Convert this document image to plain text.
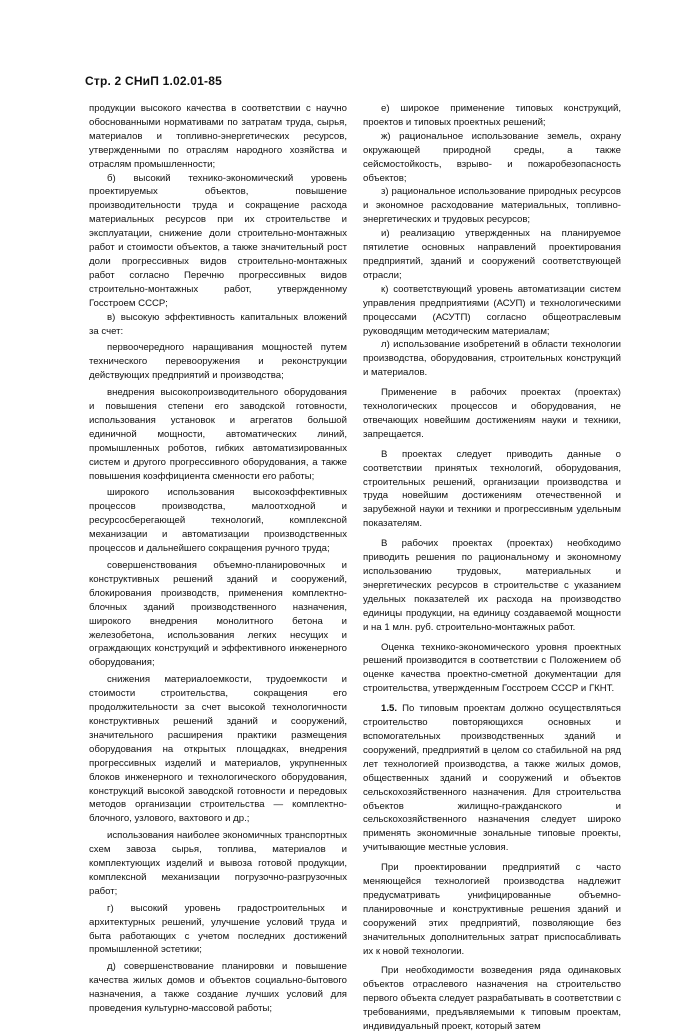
Стр. 2 СНиП 1.02.01-85

продукции высокого качества в соответствии с научно обоснованными нормативами по затратам труда, сырья, материалов и топливно-энергетических ресурсов, утвержденными по отраслям народного хозяйства и отраслям промышленности;

б) высокий технико-экономический уровень проектируемых объектов, повышение производительности труда и сокращение расхода материальных ресурсов при их строительстве и эксплуатации, снижение доли строительно-монтажных работ и стоимости объектов, а также значительный рост доли прогрессивных видов строительно-монтажных работ согласно Перечню прогрессивных видов строительно-монтажных работ, утвержденному Госстроем СССР;

в) высокую эффективность капитальных вложений за счет:

первоочередного наращивания мощностей путем технического перевооружения и реконструкции действующих предприятий и производства;

внедрения высокопроизводительного оборудования и повышения степени его заводской готовности, использования установок и агрегатов большой единичной мощности, автоматических линий, промышленных роботов, гибких автоматизированных систем и другого прогрессивного оборудования, а также повышения коэффициента сменности его работы;

широкого использования высокоэффективных процессов производства, малоотходной и ресурсосберегающей технологий, комплексной механизации и автоматизации производственных процессов и дальнейшего сокращения ручного труда;

совершенствования объемно-планировочных и конструктивных решений зданий и сооружений, блокирования производств, применения комплектно-блочных зданий производственного назначения, широкого внедрения монолитного бетона и железобетона, использования легких несущих и ограждающих конструкций и эффективного инженерного оборудования;

снижения материалоемкости, трудоемкости и стоимости строительства, сокращения его продолжительности за счет высокой технологичности конструктивных решений зданий и сооружений, значительного расширения практики размещения оборудования на открытых площадках, внедрения прогрессивных изделий и материалов, укрупненных блоков инженерного и технологического оборудования, конструкций высокой заводской готовности и передовых методов организации строительства — комплектно-блочного, узлового, вахтового и др.;

использования наиболее экономичных транспортных схем завоза сырья, топлива, материалов и комплектующих изделий и вывоза готовой продукции, комплексной механизации погрузочно-разгрузочных работ;

г) высокий уровень градостроительных и архитектурных решений, улучшение условий труда и быта работающих с учетом последних достижений промышленной эстетики;

д) совершенствование планировки и повышение качества жилых домов и объектов социально-бытового назначения, а также создание лучших условий для проведения культурно-массовой работы;

е) широкое применение типовых конструкций, проектов и типовых проектных решений;

ж) рациональное использование земель, охрану окружающей природной среды, а также сейсмостойкость, взрыво- и пожаробезопасность объектов;

з) рациональное использование природных ресурсов и экономное расходование материальных, топливно-энергетических и трудовых ресурсов;

и) реализацию утвержденных на планируемое пятилетие основных направлений проектирования предприятий, зданий и сооружений соответствующей отрасли;

к) соответствующий уровень автоматизации систем управления предприятиями (АСУП) и технологическими процессами (АСУТП) согласно общеотраслевым руководящим методическим материалам;

л) использование изобретений в области технологии производства, оборудования, строительных конструкций и материалов.

Применение в рабочих проектах (проектах) технологических процессов и оборудования, не отвечающих новейшим достижениям науки и техники, запрещается.

В проектах следует приводить данные о соответствии принятых технологий, оборудования, строительных решений, организации производства и труда новейшим достижениям отечественной и зарубежной науки и техники и прогрессивным удельным показателям.

В рабочих проектах (проектах) необходимо приводить решения по рациональному и экономному использованию трудовых, материальных и энергетических ресурсов в строительстве с указанием удельных показателей их расхода на производство единицы продукции, на единицу создаваемой мощности и на 1 млн. руб. строительно-монтажных работ.

Оценка технико-экономического уровня проектных решений производится в соответствии с Положением об оценке качества проектно-сметной документации для строительства, утвержденным Госстроем СССР и ГКНТ.

1.5. По типовым проектам должно осуществляться строительство повторяющихся основных и вспомогательных производственных зданий и сооружений, предприятий в целом со стабильной на ряд лет технологией производства, а также жилых домов, общественных зданий и сооружений и объектов сельскохозяйственного назначения. Для строительства объектов жилищно-гражданского и сельскохозяйственного назначения следует широко применять экономичные зональные типовые проекты, учитывающие местные условия.

При проектировании предприятий с часто меняющейся технологией производства надлежит предусматривать унифицированные объемно-планировочные и конструктивные решения зданий и сооружений этих предприятий, позволяющие без значительных дополнительных затрат приспосабливать их к новой технологии.

При необходимости возведения ряда одинаковых объектов отраслевого назначения на строительство первого объекта следует разрабатывать в соответствии с требованиями, предъявляемыми к типовым проектам, индивидуальный проект, который затем
